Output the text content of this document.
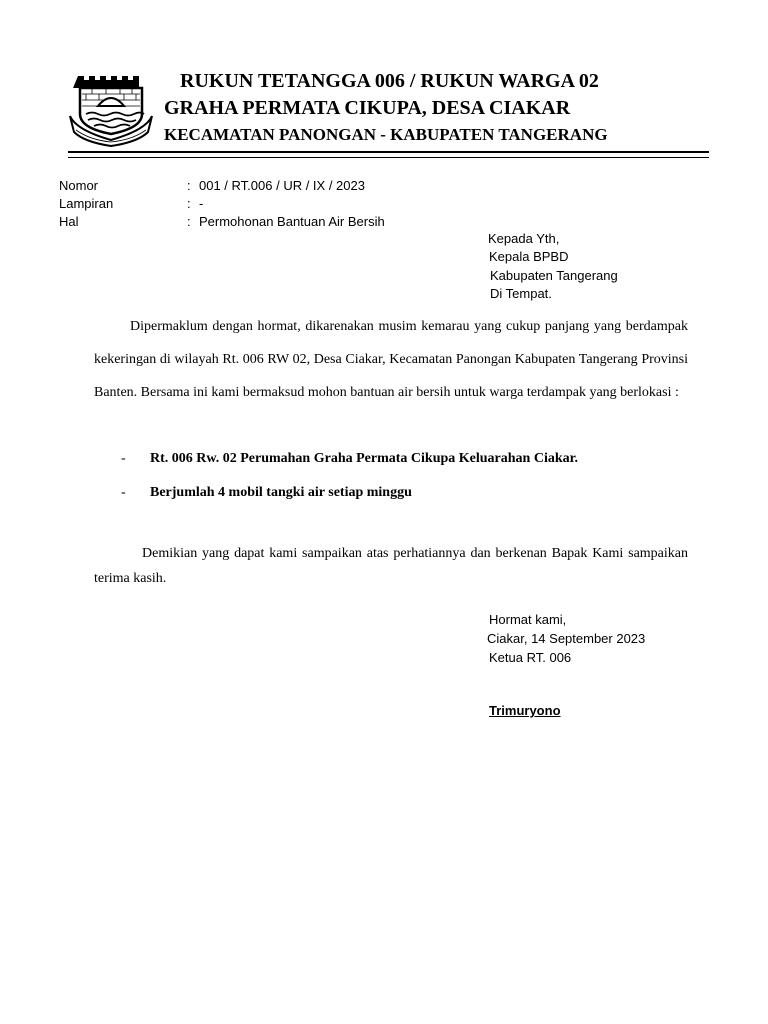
RUKUN TETANGGA 006 / RUKUN WARGA 02
GRAHA PERMATA CIKUPA, DESA CIAKAR
KECAMATAN PANONGAN - KABUPATEN TANGERANG
Nomor	: 001 / RT.006 / UR / IX / 2023
Lampiran	: -
Hal	: Permohonan Bantuan Air Bersih
Kepada Yth,
Kepala BPBD
Kabupaten Tangerang
Di Tempat.
Dipermaklum dengan hormat, dikarenakan musim kemarau yang cukup panjang yang berdampak kekeringan di wilayah Rt. 006 RW 02, Desa Ciakar, Kecamatan Panongan Kabupaten Tangerang Provinsi Banten. Bersama ini kami bermaksud mohon bantuan air bersih untuk warga terdampak yang berlokasi :
- Rt. 006 Rw. 02 Perumahan Graha Permata Cikupa Keluarahan Ciakar.
- Berjumlah 4 mobil tangki air setiap minggu
Demikian yang dapat kami sampaikan atas perhatiannya dan berkenan Bapak Kami sampaikan terima kasih.
Hormat kami,
Ciakar, 14 September 2023
Ketua RT. 006
Trimuryono
